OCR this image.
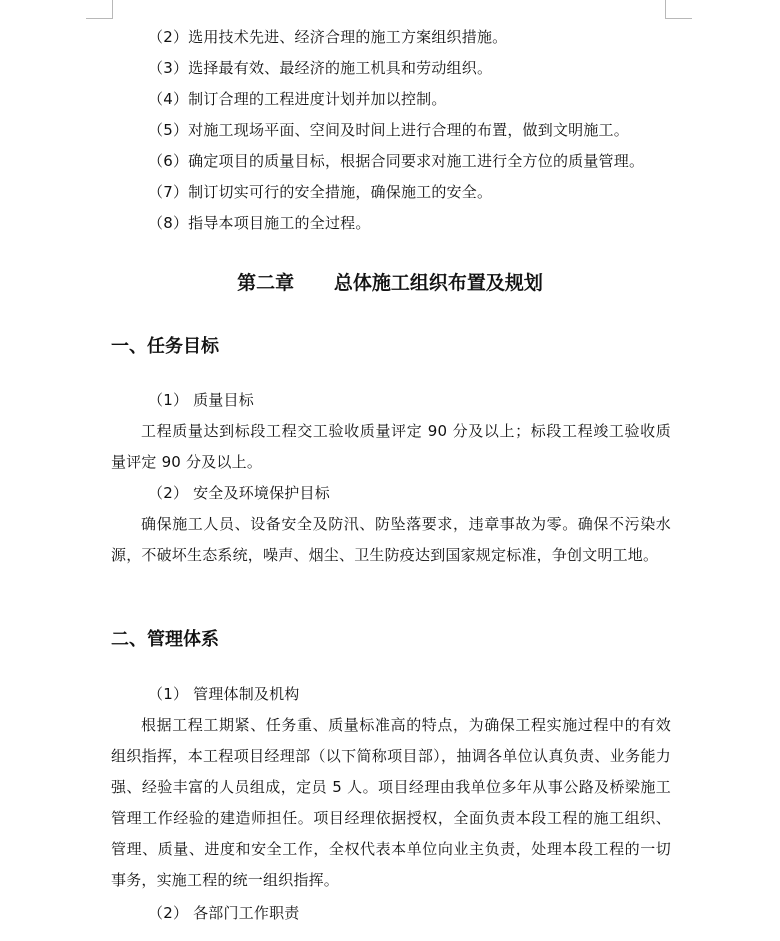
（2）选用技术先进、经济合理的施工方案组织措施。
（3）选择最有效、最经济的施工机具和劳动组织。
（4）制订合理的工程进度计划并加以控制。
（5）对施工现场平面、空间及时间上进行合理的布置，做到文明施工。
（6）确定项目的质量目标，根据合同要求对施工进行全方位的质量管理。
（7）制订切实可行的安全措施，确保施工的安全。
（8）指导本项目施工的全过程。
第二章      总体施工组织布置及规划
一、任务目标
（1） 质量目标
工程质量达到标段工程交工验收质量评定 90 分及以上；标段工程竣工验收质量评定 90 分及以上。
（2） 安全及环境保护目标
确保施工人员、设备安全及防汛、防坠落要求，违章事故为零。确保不污染水源，不破坏生态系统，噪声、烟尘、卫生防疫达到国家规定标准，争创文明工地。
二、管理体系
（1） 管理体制及机构
根据工程工期紧、任务重、质量标准高的特点，为确保工程实施过程中的有效组织指挥，本工程项目经理部（以下简称项目部），抽调各单位认真负责、业务能力强、经验丰富的人员组成，定员 5 人。项目经理由我单位多年从事公路及桥梁施工管理工作经验的建造师担任。项目经理依据授权，全面负责本段工程的施工组织、管理、质量、进度和安全工作，全权代表本单位向业主负责，处理本段工程的一切事务，实施工程的统一组织指挥。
（2） 各部门工作职责
